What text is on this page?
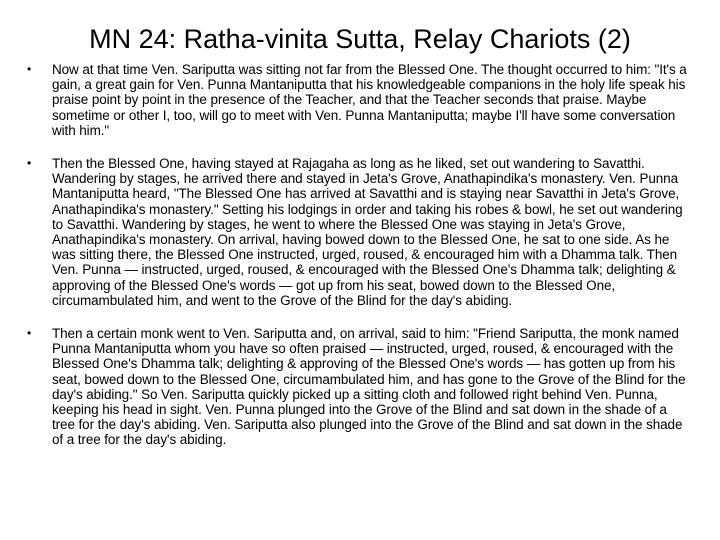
MN 24: Ratha-vinita Sutta, Relay Chariots (2)
• Now at that time Ven. Sariputta was sitting not far from the Blessed One. The thought occurred to him: "It's a gain, a great gain for Ven. Punna Mantaniputta that his knowledgeable companions in the holy life speak his praise point by point in the presence of the Teacher, and that the Teacher seconds that praise. Maybe sometime or other I, too, will go to meet with Ven. Punna Mantaniputta; maybe I'll have some conversation with him."
• Then the Blessed One, having stayed at Rajagaha as long as he liked, set out wandering to Savatthi. Wandering by stages, he arrived there and stayed in Jeta's Grove, Anathapindika's monastery. Ven. Punna Mantaniputta heard, "The Blessed One has arrived at Savatthi and is staying near Savatthi in Jeta's Grove, Anathapindika's monastery." Setting his lodgings in order and taking his robes & bowl, he set out wandering to Savatthi. Wandering by stages, he went to where the Blessed One was staying in Jeta's Grove, Anathapindika's monastery. On arrival, having bowed down to the Blessed One, he sat to one side. As he was sitting there, the Blessed One instructed, urged, roused, & encouraged him with a Dhamma talk. Then Ven. Punna — instructed, urged, roused, & encouraged with the Blessed One's Dhamma talk; delighting & approving of the Blessed One's words — got up from his seat, bowed down to the Blessed One, circumambulated him, and went to the Grove of the Blind for the day's abiding.
• Then a certain monk went to Ven. Sariputta and, on arrival, said to him: "Friend Sariputta, the monk named Punna Mantaniputta whom you have so often praised — instructed, urged, roused, & encouraged with the Blessed One's Dhamma talk; delighting & approving of the Blessed One's words — has gotten up from his seat, bowed down to the Blessed One, circumambulated him, and has gone to the Grove of the Blind for the day's abiding." So Ven. Sariputta quickly picked up a sitting cloth and followed right behind Ven. Punna, keeping his head in sight. Ven. Punna plunged into the Grove of the Blind and sat down in the shade of a tree for the day's abiding. Ven. Sariputta also plunged into the Grove of the Blind and sat down in the shade of a tree for the day's abiding.
